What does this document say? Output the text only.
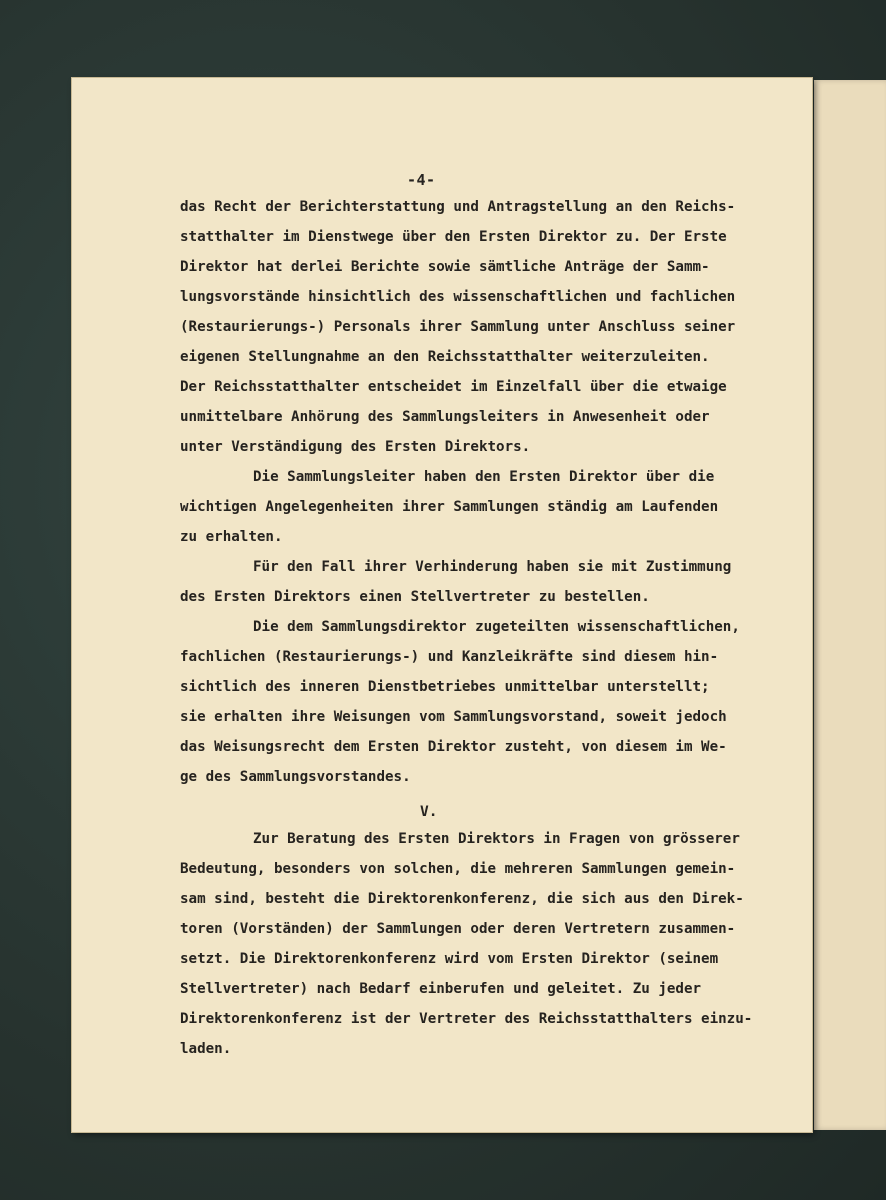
-4-
das Recht der Berichterstattung und Antragstellung an den Reichs-
statthalter im Dienstwege über den Ersten Direktor zu. Der Erste
Direktor hat derlei Berichte sowie sämtliche Anträge der Samm-
lungsvorstände hinsichtlich des wissenschaftlichen und fachlichen
(Restaurierungs-) Personals ihrer Sammlung unter Anschluss seiner
eigenen Stellungnahme an den Reichsstatthalter weiterzuleiten.
Der Reichsstatthalter entscheidet im Einzelfall über die etwaige
unmittelbare Anhörung des Sammlungsleiters in Anwesenheit oder
unter Verständigung des Ersten Direktors.
Die Sammlungsleiter haben den Ersten Direktor über die
wichtigen Angelegenheiten ihrer Sammlungen ständig am Laufenden
zu erhalten.
Für den Fall ihrer Verhinderung haben sie mit Zustimmung
des Ersten Direktors einen Stellvertreter zu bestellen.
Die dem Sammlungsdirektor zugeteilten wissenschaftlichen,
fachlichen (Restaurierungs-) und Kanzleikräfte sind diesem hin-
sichtlich des inneren Dienstbetriebes unmittelbar unterstellt;
sie erhalten ihre Weisungen vom Sammlungsvorstand, soweit jedoch
das Weisungsrecht dem Ersten Direktor zusteht, von diesem im We-
ge des Sammlungsvorstandes.
V.
Zur Beratung des Ersten Direktors in Fragen von grösserer
Bedeutung, besonders von solchen, die mehreren Sammlungen gemein-
sam sind, besteht die Direktorenkonferenz, die sich aus den Direk-
toren (Vorständen) der Sammlungen oder deren Vertretern zusammen-
setzt. Die Direktorenkonferenz wird vom Ersten Direktor (seinem
Stellvertreter) nach Bedarf einberufen und geleitet. Zu jeder
Direktorenkonferenz ist der Vertreter des Reichsstatthalters einzu-
laden.
